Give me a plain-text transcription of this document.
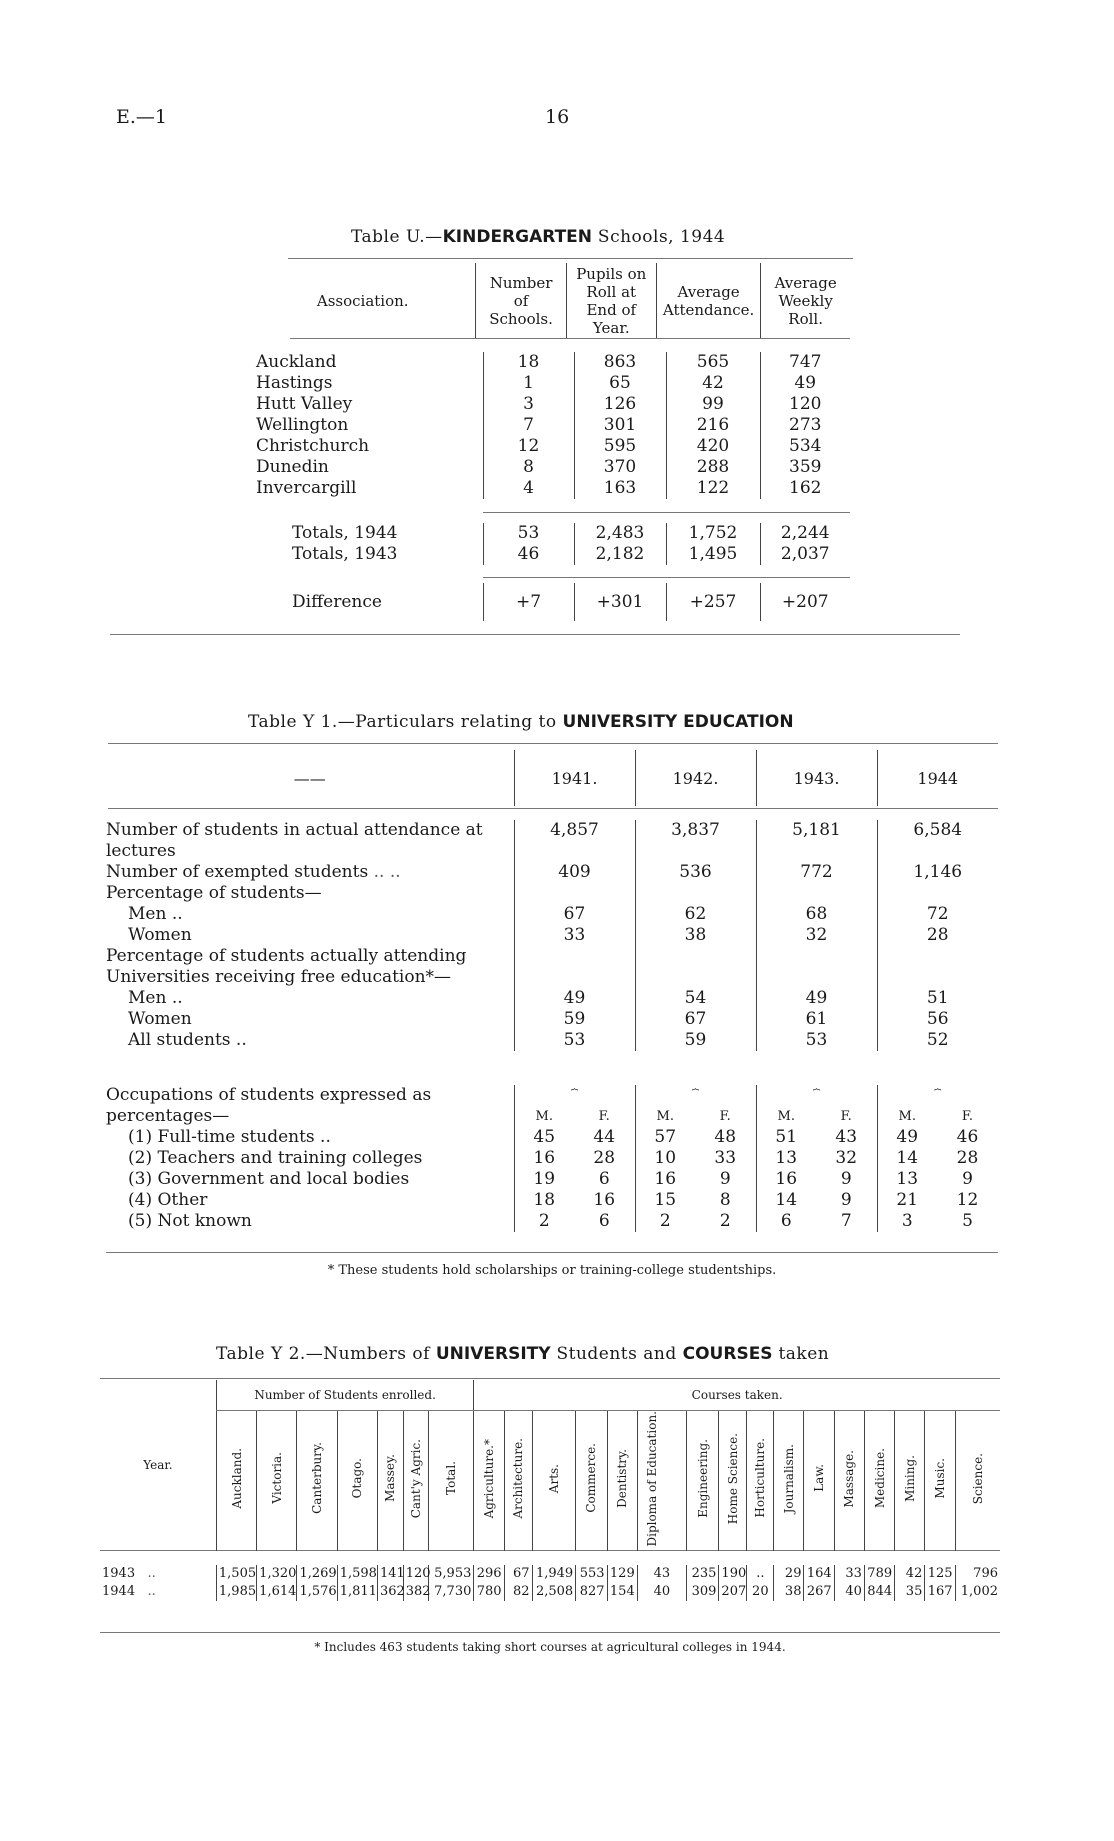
E.—1	16
Table U.—KINDERGARTEN Schools, 1944
Association.	Number of Schools.	Pupils on Roll at End of Year.	Average Attendance.	Average Weekly Roll.
Auckland	18	863	565	747
Hastings	1	65	42	49
Hutt Valley	3	126	99	120
Wellington	7	301	216	273
Christchurch	12	595	420	534
Dunedin	8	370	288	359
Invercargill	4	163	122	162
Totals, 1944	53	2,483	1,752	2,244
Totals, 1943	46	2,182	1,495	2,037
Difference	+7	+301	+257	+207
Table Y 1.—Particulars relating to UNIVERSITY EDUCATION
——	1941.	1942.	1943.	1944
Number of students in actual attendance at lectures	4,857	3,837	5,181	6,584
Number of exempted students .. ..	409	536	772	1,146
Percentage of students—				
Men ..	67	62	68	72
Women	33	38	32	28
Percentage of students actually attending Universities receiving free education*—				
Men ..	49	54	49	51
Women	59	67	61	56
All students ..	53	59	53	52
Occupations of students expressed as percentages—	⏞		⏞		⏞		⏞	
	M.	F.	M.	F.	M.	F.	M.	F.
(1) Full-time students ..	45	44	57	48	51	43	49	46
(2) Teachers and training colleges	16	28	10	33	13	32	14	28
(3) Government and local bodies	19	6	16	9	16	9	13	9
(4) Other	18	16	15	8	14	9	21	12
(5) Not known	2	6	2	2	6	7	3	5
* These students hold scholarships or training-college studentships.
Table Y 2.—Numbers of UNIVERSITY Students and COURSES taken
Year.	Number of Students enrolled.							Courses taken.															
	Auckland.	Victoria.	Canterbury.	Otago.	Massey.	Cant'y Agric.	Total.	Agriculture.*	Architecture.	Arts.	Commerce.	Dentistry.	Diploma of Education.	Engineering.	Home Science.	Horticulture.	Journalism.	Law.	Massage.	Medicine.	Mining.	Music.	Science.

1943 ..	1,505	1,320	1,269	1,598	141	120	5,953	296	67	1,949	553	129	43	235	190	..	29	164	33	789	42	125	796
1944 ..	1,985	1,614	1,576	1,811	362	382	7,730	780	82	2,508	827	154	40	309	207	20	38	267	40	844	35	167	1,002
* Includes 463 students taking short courses at agricultural colleges in 1944.
